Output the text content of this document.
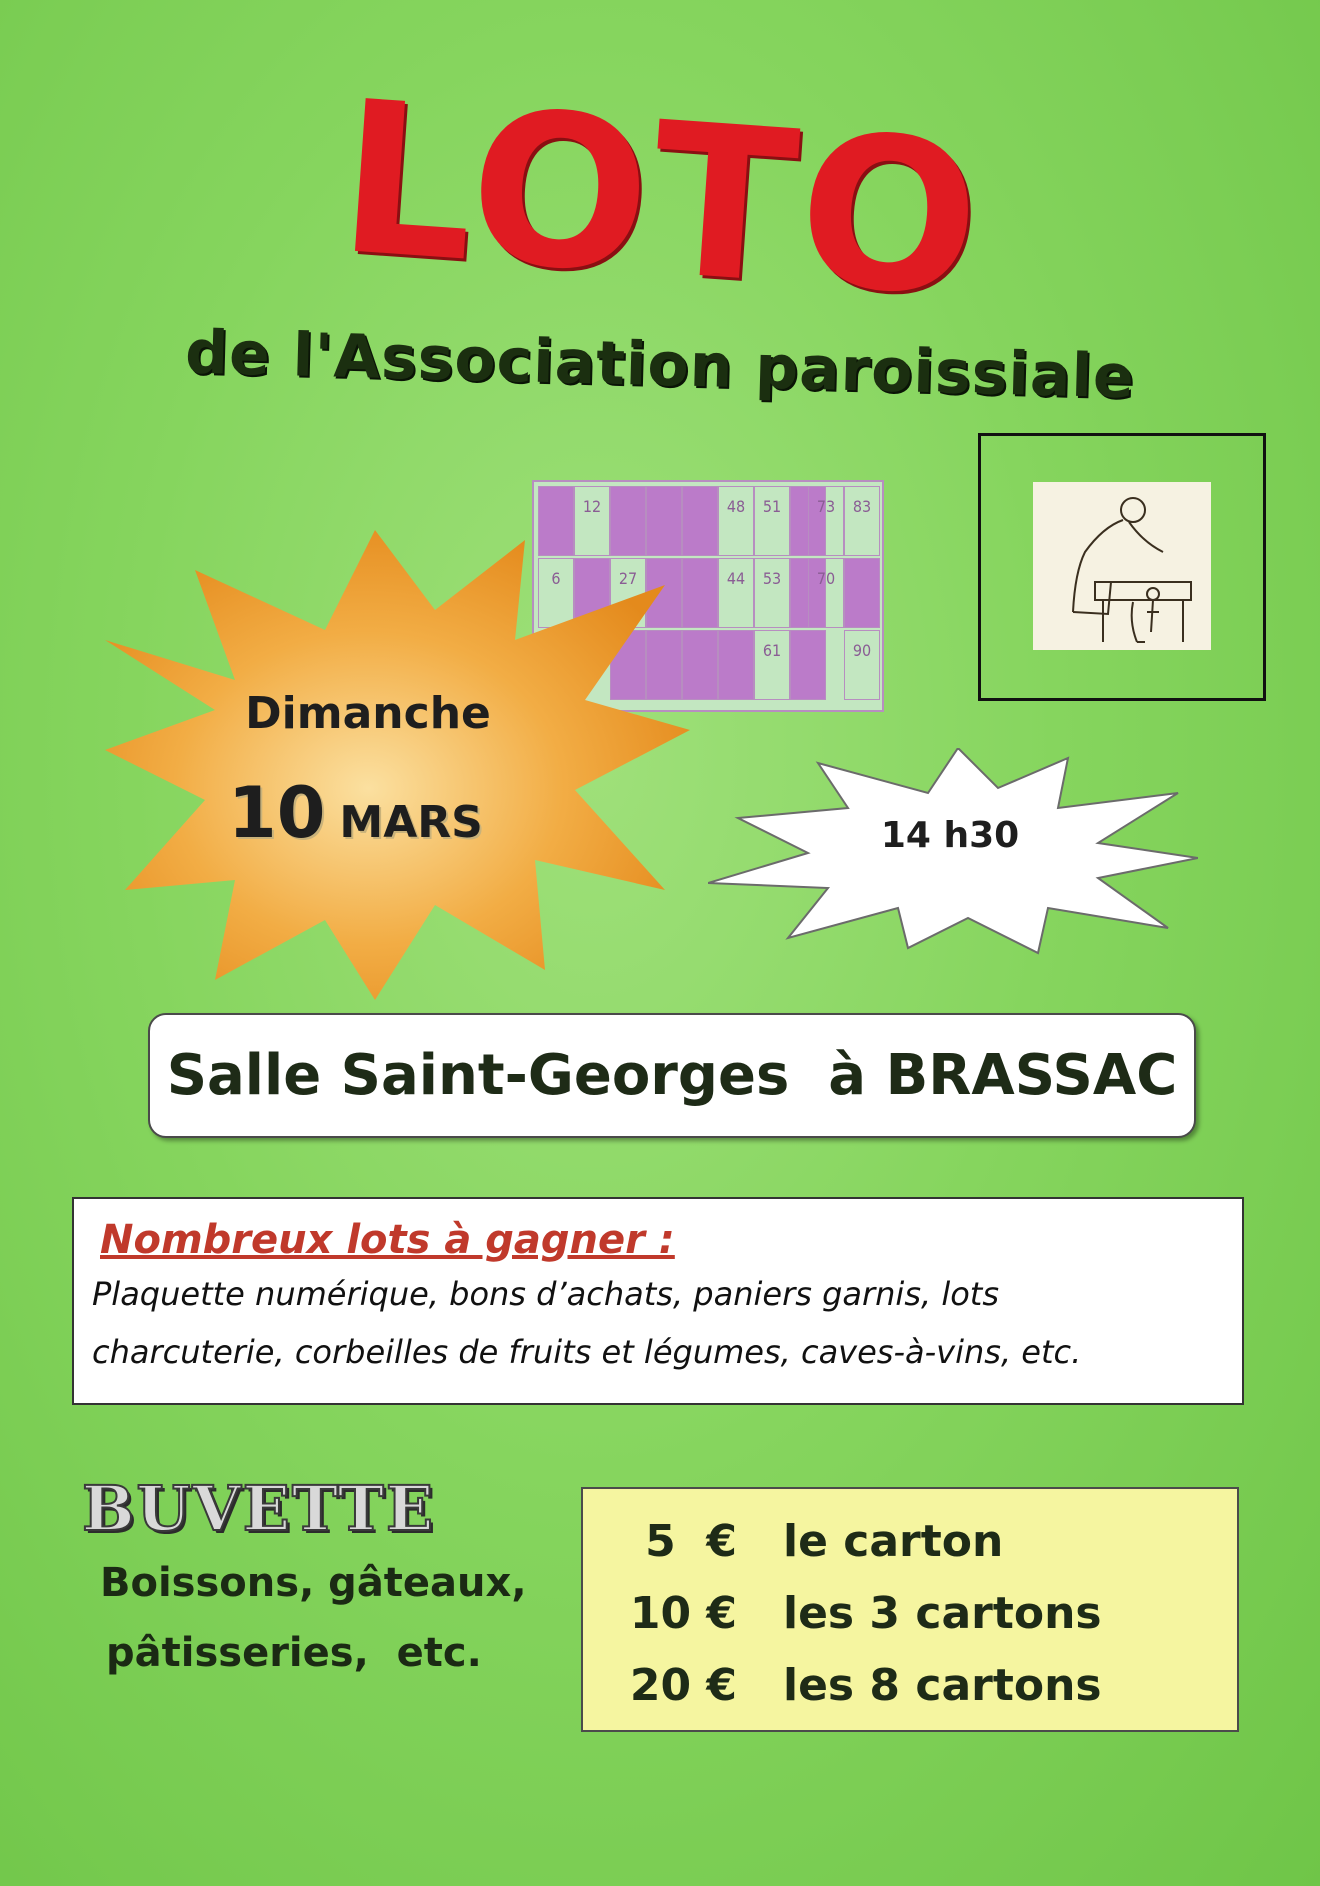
LOTO
de l'Association paroissiale
12	48	51	73	83
6	27	44	53	70
61	90
Dimanche
10 MARS	14 h30
Salle Saint-Georges  à BRASSAC
Nombreux lots à gagner :
Plaquette numérique, bons d’achats, paniers garnis, lots
charcuterie, corbeilles de fruits et légumes, caves-à-vins, etc.
BUVETTE
Boissons, gâteaux,
pâtisseries,  etc.
5  €	le carton
10 €	les 3 cartons
20 €	les 8 cartons
